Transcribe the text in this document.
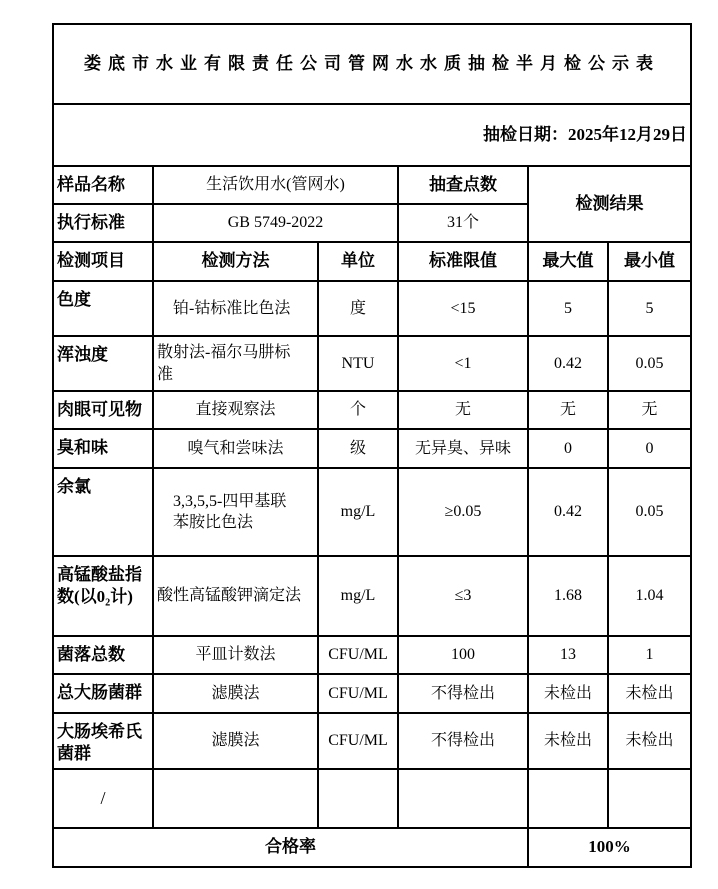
娄底市水业有限责任公司管网水水质抽检半月检公示表					
抽检日期：2025年12月29日					
样品名称	生活饮用水(管网水)		抽查点数	检测结果	
执行标准	GB 5749-2022		31个		
检测项目	检测方法	单位	标准限值	最大值	最小值
色度	铂-钴标准比色法	度	<15	5	5
浑浊度	散射法-福尔马肼标准	NTU	<1	0.42	0.05
肉眼可见物	直接观察法	个	无	无	无
臭和味	嗅气和尝味法	级	无异臭、异味	0	0
余氯	3,3,5,5-四甲基联 苯胺比色法	mg/L	≥0.05	0.42	0.05
高锰酸盐指 数(以0₂计)	酸性高锰酸钾滴定法	mg/L	≤3	1.68	1.04
菌落总数	平皿计数法	CFU/ML	100	13	1
总大肠菌群	滤膜法	CFU/ML	不得检出	未检出	未检出
大肠埃希氏 菌群	滤膜法	CFU/ML	不得检出	未检出	未检出
/					
合格率				100%	
